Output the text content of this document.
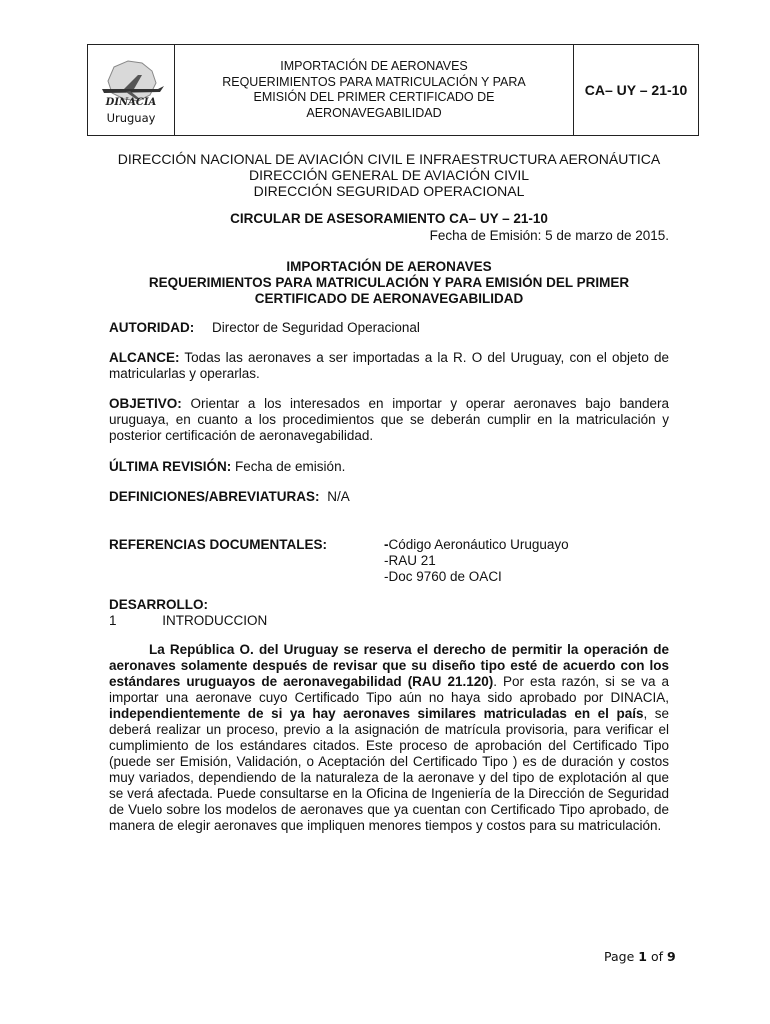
DINACIA
Uruguay

IMPORTACIÓN DE AERONAVES
REQUERIMIENTOS PARA MATRICULACIÓN Y PARA
EMISIÓN DEL PRIMER CERTIFICADO DE
AERONAVEGABILIDAD
	CA– UY – 21-10
DIRECCIÓN NACIONAL DE AVIACIÓN CIVIL E INFRAESTRUCTURA AERONÁUTICA
DIRECCIÓN GENERAL DE AVIACIÓN CIVIL
DIRECCIÓN SEGURIDAD OPERACIONAL
CIRCULAR DE ASESORAMIENTO CA– UY – 21-10
Fecha de Emisión: 5 de marzo de 2015.
IMPORTACIÓN DE AERONAVES
REQUERIMIENTOS PARA MATRICULACIÓN Y PARA EMISIÓN DEL PRIMER
CERTIFICADO DE AERONAVEGABILIDAD
AUTORIDAD: Director de Seguridad Operacional
ALCANCE: Todas las aeronaves a ser importadas a la R. O del Uruguay, con el objeto de matricularlas y operarlas.
OBJETIVO: Orientar a los interesados en importar y operar aeronaves bajo bandera uruguaya, en cuanto a los procedimientos que se deberán cumplir en la matriculación y posterior certificación de aeronavegabilidad.
ÚLTIMA REVISIÓN: Fecha de emisión.
DEFINICIONES/ABREVIATURAS: N/A
REFERENCIAS DOCUMENTALES:	-Código Aeronáutico Uruguayo
-RAU 21
-Doc 9760 de OACI
DESARROLLO:
1	INTRODUCCION
La República O. del Uruguay se reserva el derecho de permitir la operación de aeronaves solamente después de revisar que su diseño tipo esté de acuerdo con los estándares uruguayos de aeronavegabilidad (RAU 21.120). Por esta razón, si se va a importar una aeronave cuyo Certificado Tipo aún no haya sido aprobado por DINACIA, independientemente de si ya hay aeronaves similares matriculadas en el país, se deberá realizar un proceso, previo a la asignación de matrícula provisoria, para verificar el cumplimiento de los estándares citados. Este proceso de aprobación del Certificado Tipo (puede ser Emisión, Validación, o Aceptación del Certificado Tipo ) es de duración y costos muy variados, dependiendo de la naturaleza de la aeronave y del tipo de explotación al que se verá afectada. Puede consultarse en la Oficina de Ingeniería de la Dirección de Seguridad de Vuelo sobre los modelos de aeronaves que ya cuentan con Certificado Tipo aprobado, de manera de elegir aeronaves que impliquen menores tiempos y costos para su matriculación.
Page 1 of 9
